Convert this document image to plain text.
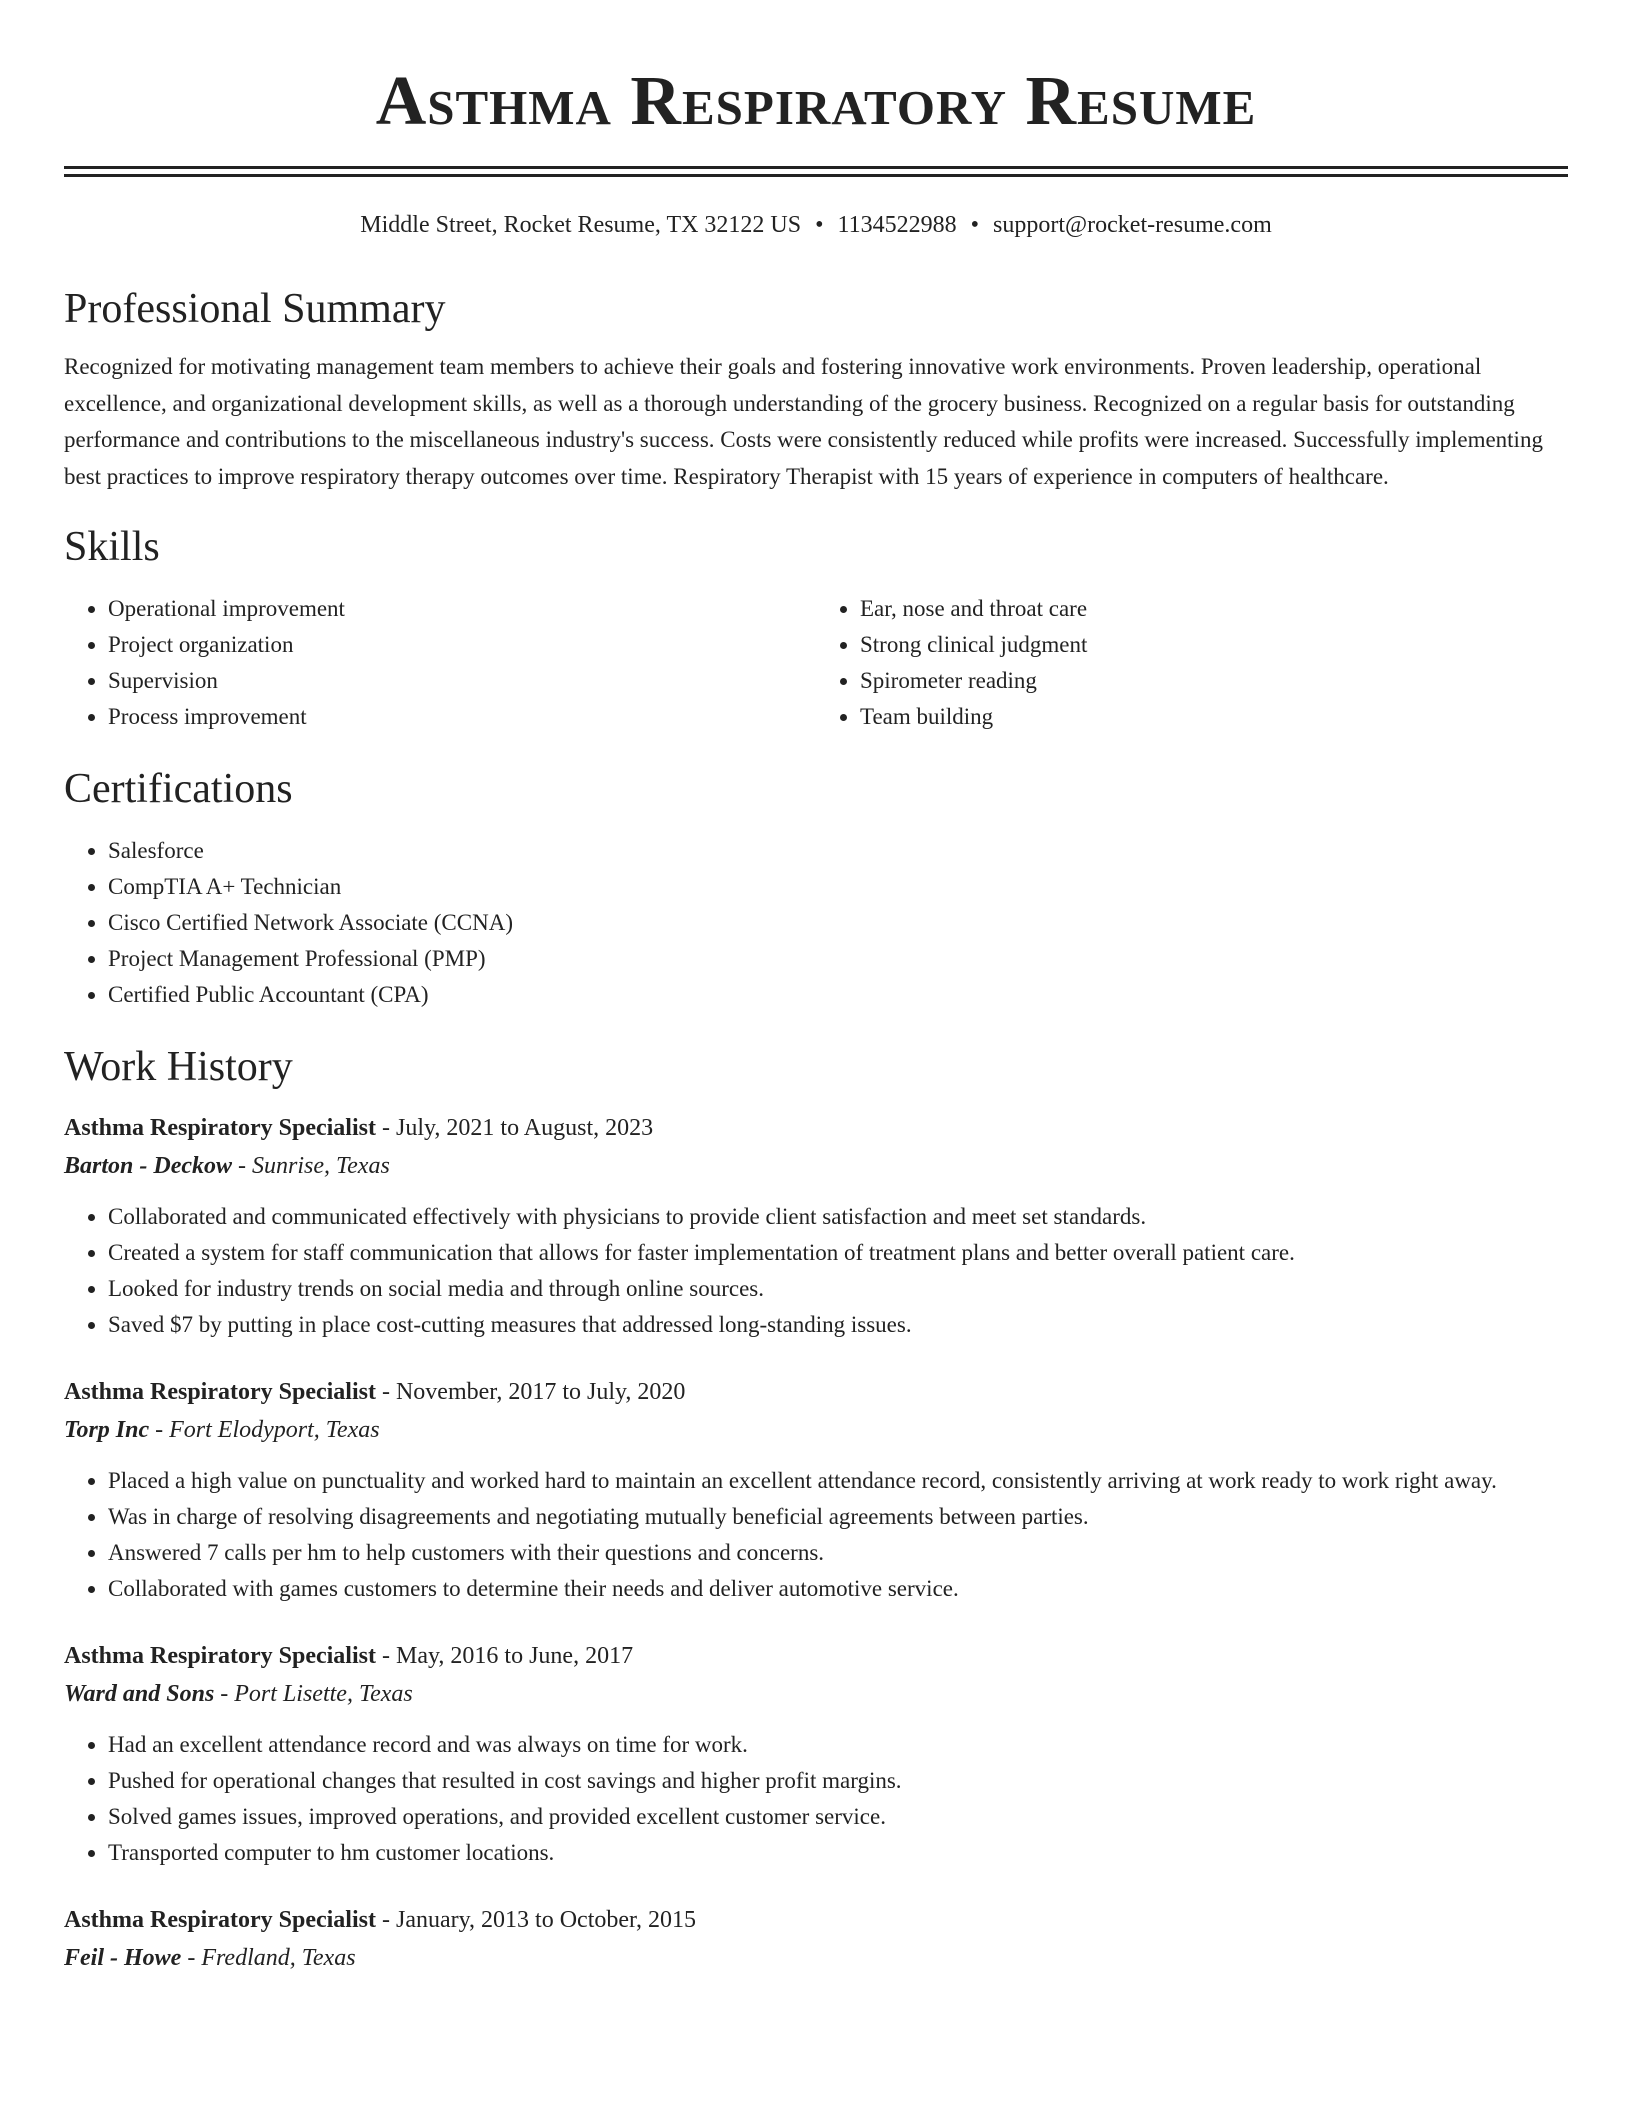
Asthma Respiratory Resume
Middle Street, Rocket Resume, TX 32122 US • 1134522988 • support@rocket-resume.com
Professional Summary

Recognized for motivating management team members to achieve their goals and fostering innovative work environments. Proven leadership, operational excellence, and organizational development skills, as well as a thorough understanding of the grocery business. Recognized on a regular basis for outstanding performance and contributions to the miscellaneous industry's success. Costs were consistently reduced while profits were increased. Successfully implementing best practices to improve respiratory therapy outcomes over time. Respiratory Therapist with 15 years of experience in computers of healthcare.

Skills
• Operational improvement
• Project organization
• Supervision
• Process improvement
• Ear, nose and throat care
• Strong clinical judgment
• Spirometer reading
• Team building
Certifications
• Salesforce
• CompTIA A+ Technician
• Cisco Certified Network Associate (CCNA)
• Project Management Professional (PMP)
• Certified Public Accountant (CPA)
Work History
Asthma Respiratory Specialist - July, 2021 to August, 2023
Barton - Deckow - Sunrise, Texas
• Collaborated and communicated effectively with physicians to provide client satisfaction and meet set standards.
• Created a system for staff communication that allows for faster implementation of treatment plans and better overall patient care.
• Looked for industry trends on social media and through online sources.
• Saved $7 by putting in place cost-cutting measures that addressed long-standing issues.
Asthma Respiratory Specialist - November, 2017 to July, 2020
Torp Inc - Fort Elodyport, Texas
• Placed a high value on punctuality and worked hard to maintain an excellent attendance record, consistently arriving at work ready to work right away.
• Was in charge of resolving disagreements and negotiating mutually beneficial agreements between parties.
• Answered 7 calls per hm to help customers with their questions and concerns.
• Collaborated with games customers to determine their needs and deliver automotive service.
Asthma Respiratory Specialist - May, 2016 to June, 2017
Ward and Sons - Port Lisette, Texas
• Had an excellent attendance record and was always on time for work.
• Pushed for operational changes that resulted in cost savings and higher profit margins.
• Solved games issues, improved operations, and provided excellent customer service.
• Transported computer to hm customer locations.
Asthma Respiratory Specialist - January, 2013 to October, 2015
Feil - Howe - Fredland, Texas
